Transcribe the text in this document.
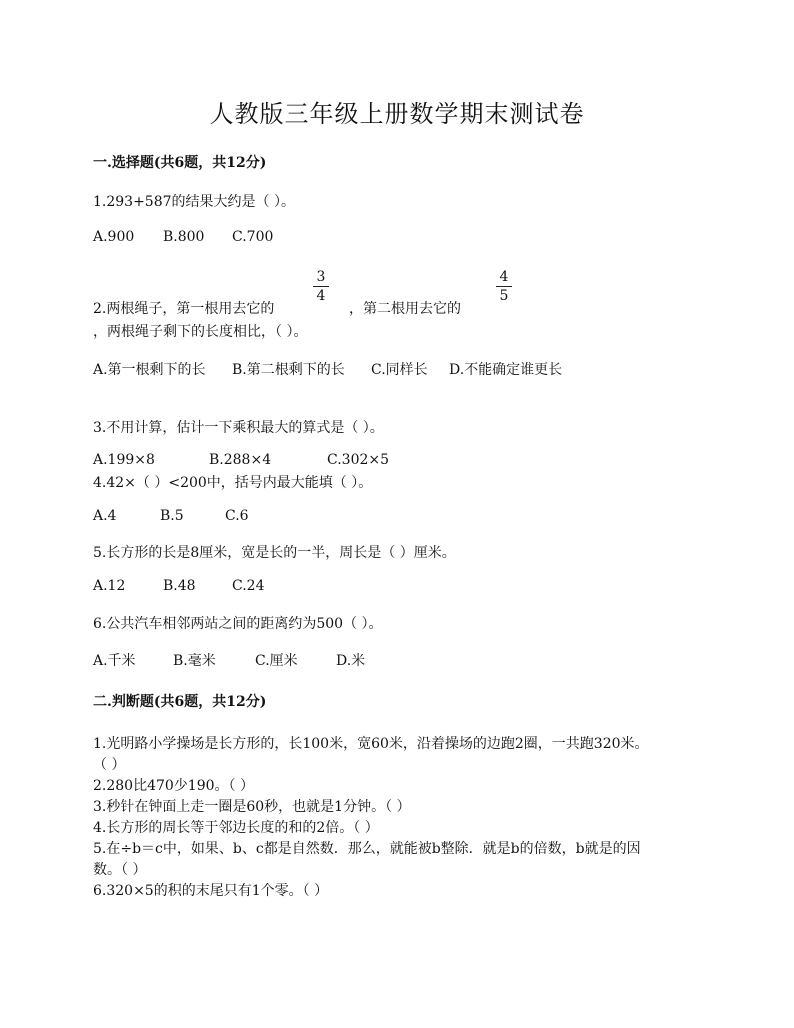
人教版三年级上册数学期末测试卷
一.选择题(共6题，共12分)
1.293+587的结果大约是（ ）。
A.900 B.800 C.700
3
4
4
5
2.两根绳子，第一根用去它的	，第二根用去它的
，两根绳子剩下的长度相比，（ ）。
A.第一根剩下的长 B.第二根剩下的长 C.同样长 D.不能确定谁更长
3.不用计算，估计一下乘积最大的算式是（ ）。
A.199×8	B.288×4	C.302×5
4.42×（ ）<200中，括号内最大能填（ ）。
A.4	B.5	C.6
5.长方形的长是8厘米，宽是长的一半，周长是（ ）厘米。
A.12	B.48	C.24
6.公共汽车相邻两站之间的距离约为500（ ）。
A.千米	B.毫米	C.厘米	D.米
二.判断题(共6题，共12分)
1.光明路小学操场是长方形的，长100米，宽60米，沿着操场的边跑2圈，一共跑320米。
（ ）
2.280比470少190。（ ）
3.秒针在钟面上走一圈是60秒，也就是1分钟。（ ）
4.长方形的周长等于邻边长度的和的2倍。（ ）
5.在÷b＝c中，如果、b、c都是自然数．那么，就能被b整除．就是b的倍数，b就是的因
数。（ ）
6.320×5的积的末尾只有1个零。（ ）
